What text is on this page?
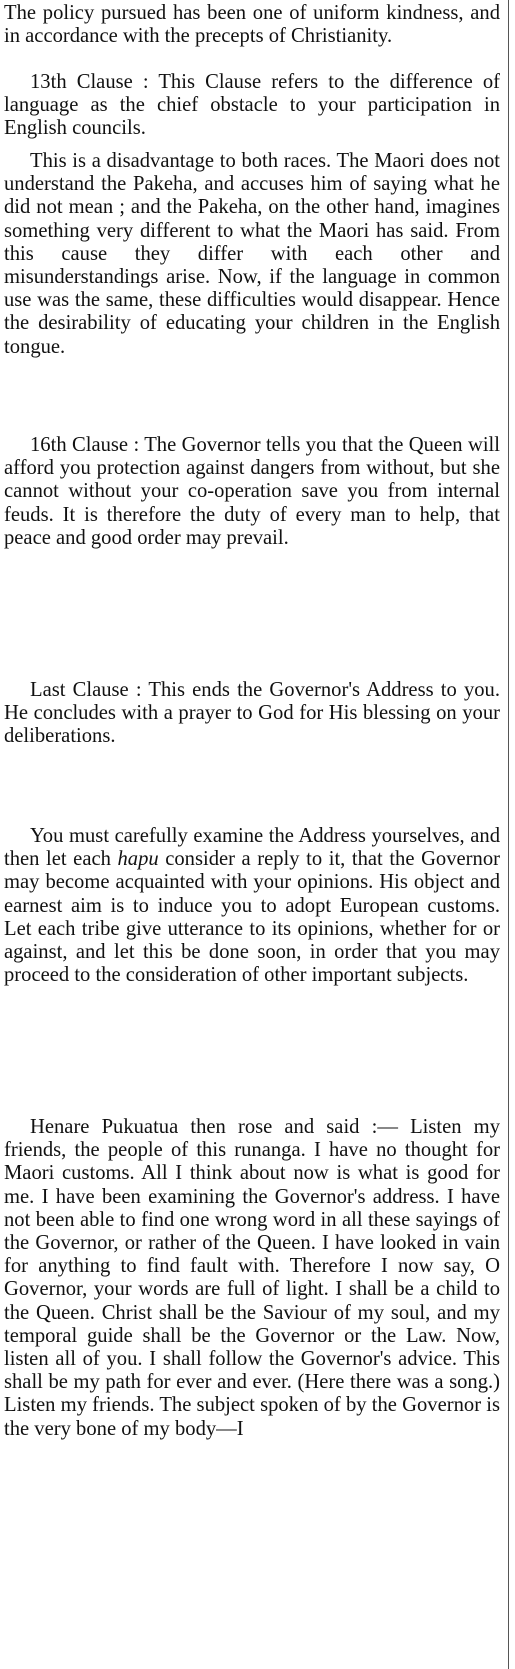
The policy pursued has been one of uniform kindness, and in accordance with the precepts of Christianity.

13th Clause : This Clause refers to the difference of language as the chief obstacle to your participation in English councils.

This is a disadvantage to both races. The Maori does not understand the Pakeha, and accuses him of saying what he did not mean ; and the Pakeha, on the other hand, imagines something very different to what the Maori has said. From this cause they differ with each other and misunderstandings arise. Now, if the language in common use was the same, these difficulties would disappear. Hence the desirability of educating your children in the English tongue.

16th Clause : The Governor tells you that the Queen will afford you protection against dangers from without, but she cannot without your co-operation save you from internal feuds. It is therefore the duty of every man to help, that peace and good order may prevail.

Last Clause : This ends the Governor's Address to you. He concludes with a prayer to God for His blessing on your deliberations.

You must carefully examine the Address yourselves, and then let each hapu consider a reply to it, that the Governor may become acquainted with your opinions. His object and earnest aim is to induce you to adopt European customs. Let each tribe give utterance to its opinions, whether for or against, and let this be done soon, in order that you may proceed to the consideration of other important subjects.

Henare Pukuatua then rose and said :— Listen my friends, the people of this runanga. I have no thought for Maori customs. All I think about now is what is good for me. I have been examining the Governor's address. I have not been able to find one wrong word in all these sayings of the Governor, or rather of the Queen. I have looked in vain for anything to find fault with. Therefore I now say, O Governor, your words are full of light. I shall be a child to the Queen. Christ shall be the Saviour of my soul, and my temporal guide shall be the Governor or the Law. Now, listen all of you. I shall follow the Governor's advice. This shall be my path for ever and ever. (Here there was a song.) Listen my friends. The subject spoken of by the Governor is the very bone of my body—I
